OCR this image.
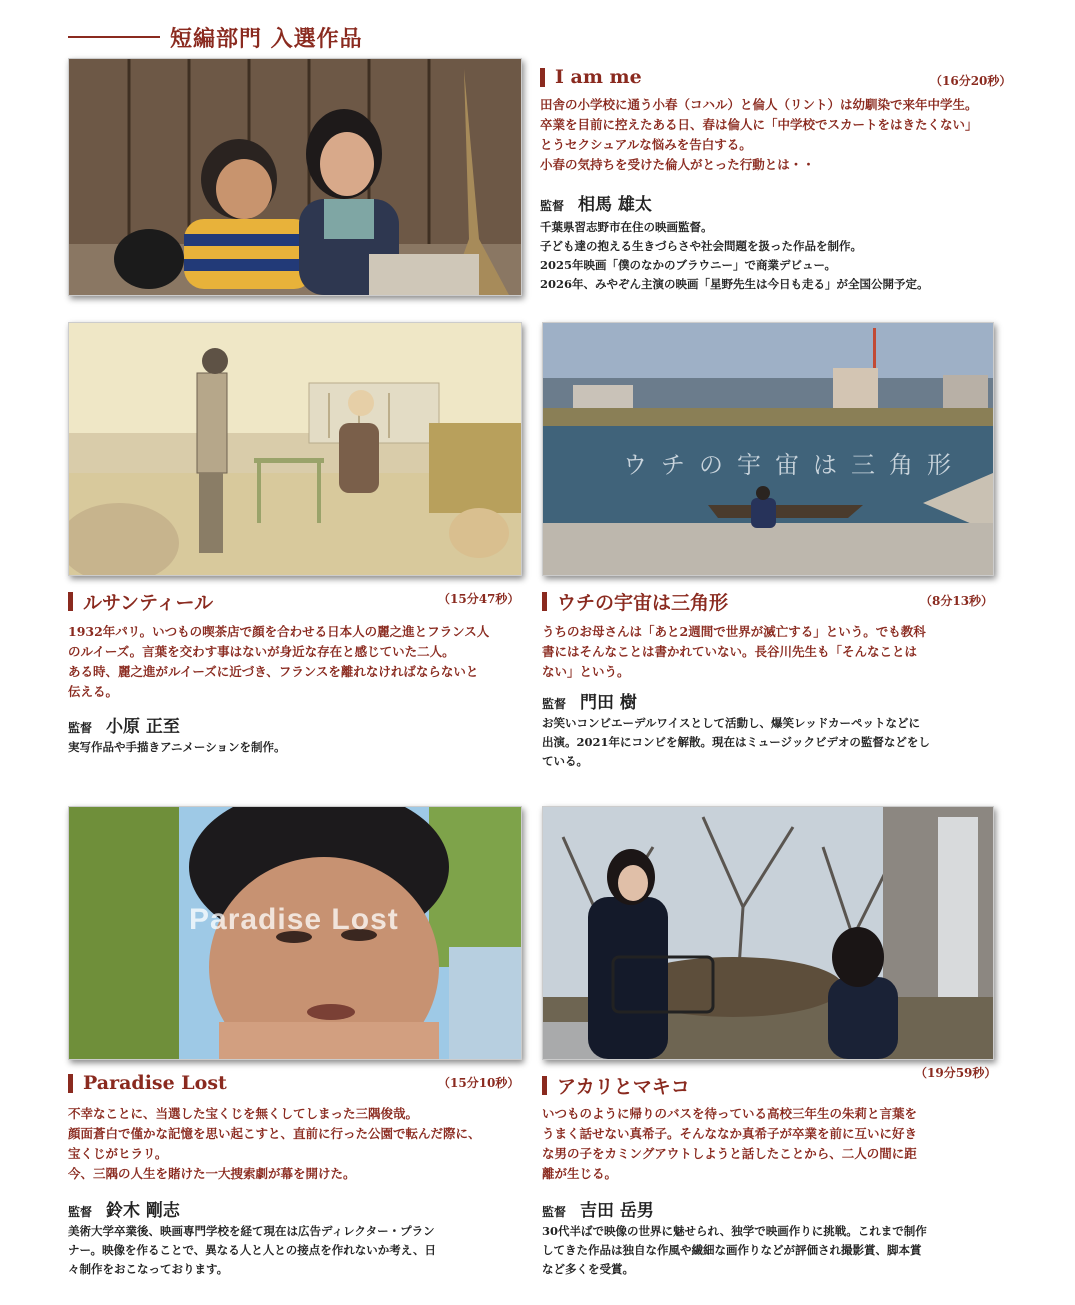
短編部門 入選作品
I am me	（16分20秒）
田舎の小学校に通う小春（コハル）と倫人（リント）は幼馴染で来年中学生。
卒業を目前に控えたある日、春は倫人に「中学校でスカートをはきたくない」
とうセクシュアルな悩みを告白する。
小春の気持ちを受けた倫人がとった行動とは・・
監督 相馬 雄太
千葉県習志野市在住の映画監督。
子ども達の抱える生きづらさや社会問題を扱った作品を制作。
2025年映画「僕のなかのブラウニー」で商業デビュー。
2026年、みやぞん主演の映画「星野先生は今日も走る」が全国公開予定。
ルサンティール	（15分47秒）
1932年パリ。いつもの喫茶店で顔を合わせる日本人の麗之進とフランス人
のルイーズ。言葉を交わす事はないが身近な存在と感じていた二人。
ある時、麗之進がルイーズに近づき、フランスを離れなければならないと
伝える。
監督 小原 正至
実写作品や手描きアニメーションを制作。
ウチの宇宙は三角形
ウチの宇宙は三角形	（8分13秒）
うちのお母さんは「あと2週間で世界が滅亡する」という。でも教科
書にはそんなことは書かれていない。長谷川先生も「そんなことは
ない」という。
監督 門田 樹
お笑いコンビエーデルワイスとして活動し、爆笑レッドカーペットなどに
出演。2021年にコンビを解散。現在はミュージックビデオの監督などをし
ている。
Paradise Lost
Paradise Lost	（15分10秒）
不幸なことに、当選した宝くじを無くしてしまった三隅俊哉。
顔面蒼白で僅かな記憶を思い起こすと、直前に行った公園で転んだ際に、
宝くじがヒラリ。
今、三隅の人生を賭けた一大捜索劇が幕を開けた。
監督 鈴木 剛志
美術大学卒業後、映画専門学校を経て現在は広告ディレクター・プラン
ナー。映像を作ることで、異なる人と人との接点を作れないか考え、日
々制作をおこなっております。
アカリとマキコ
（19分59秒）
いつものように帰りのバスを待っている高校三年生の朱莉と言葉を
うまく話せない真希子。そんななか真希子が卒業を前に互いに好き
な男の子をカミングアウトしようと話したことから、二人の間に距
離が生じる。
監督 吉田 岳男
30代半ばで映像の世界に魅せられ、独学で映画作りに挑戦。これまで制作
してきた作品は独自な作風や繊細な画作りなどが評価され撮影賞、脚本賞
など多くを受賞。
